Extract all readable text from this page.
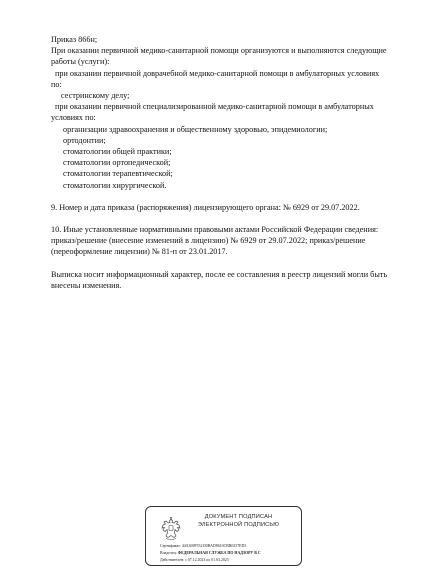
Приказ 866н;
При оказании первичной медико-санитарной помощи организуются и выполняются следующие
работы (услуги):
при оказании первичной доврачебной медико-санитарной помощи в амбулаторных условиях
по:
сестринскому делу;
при оказании первичной специализированной медико-санитарной помощи в амбулаторных
условиях по:
организации здравоохранения и общественному здоровью, эпидемиологии;
ортодонтии;
стоматологии общей практики;
стоматологии ортопедической;
стоматологии терапевтической;
стоматологии хирургической.
9. Номер и дата приказа (распоряжения) лицензирующего органа: № 6929 от 29.07.2022.
10. Иные установленные нормативными правовыми актами Российской Федерации сведения:
приказ/решение (внесение изменений в лицензию) № 6929 от 29.07.2022; приказ/решение
(переоформление лицензии) № 81-п от 23.01.2017.
Выписка носит информационный характер, после ее составления в реестр лицензий могли быть
внесены изменения.
ДОКУМЕНТ ПОДПИСАН
ЭЛЕКТРОННОЙ ПОДПИСЬЮ
Сертификат: 44А369F5521I0BAD8610CBB0257ED3
Владелец: ФЕДЕРАЛЬНАЯ СЛУЖБА ПО НАДЗОРУ В С
Действителен: с 07.12.2023 по 01.03.2025
